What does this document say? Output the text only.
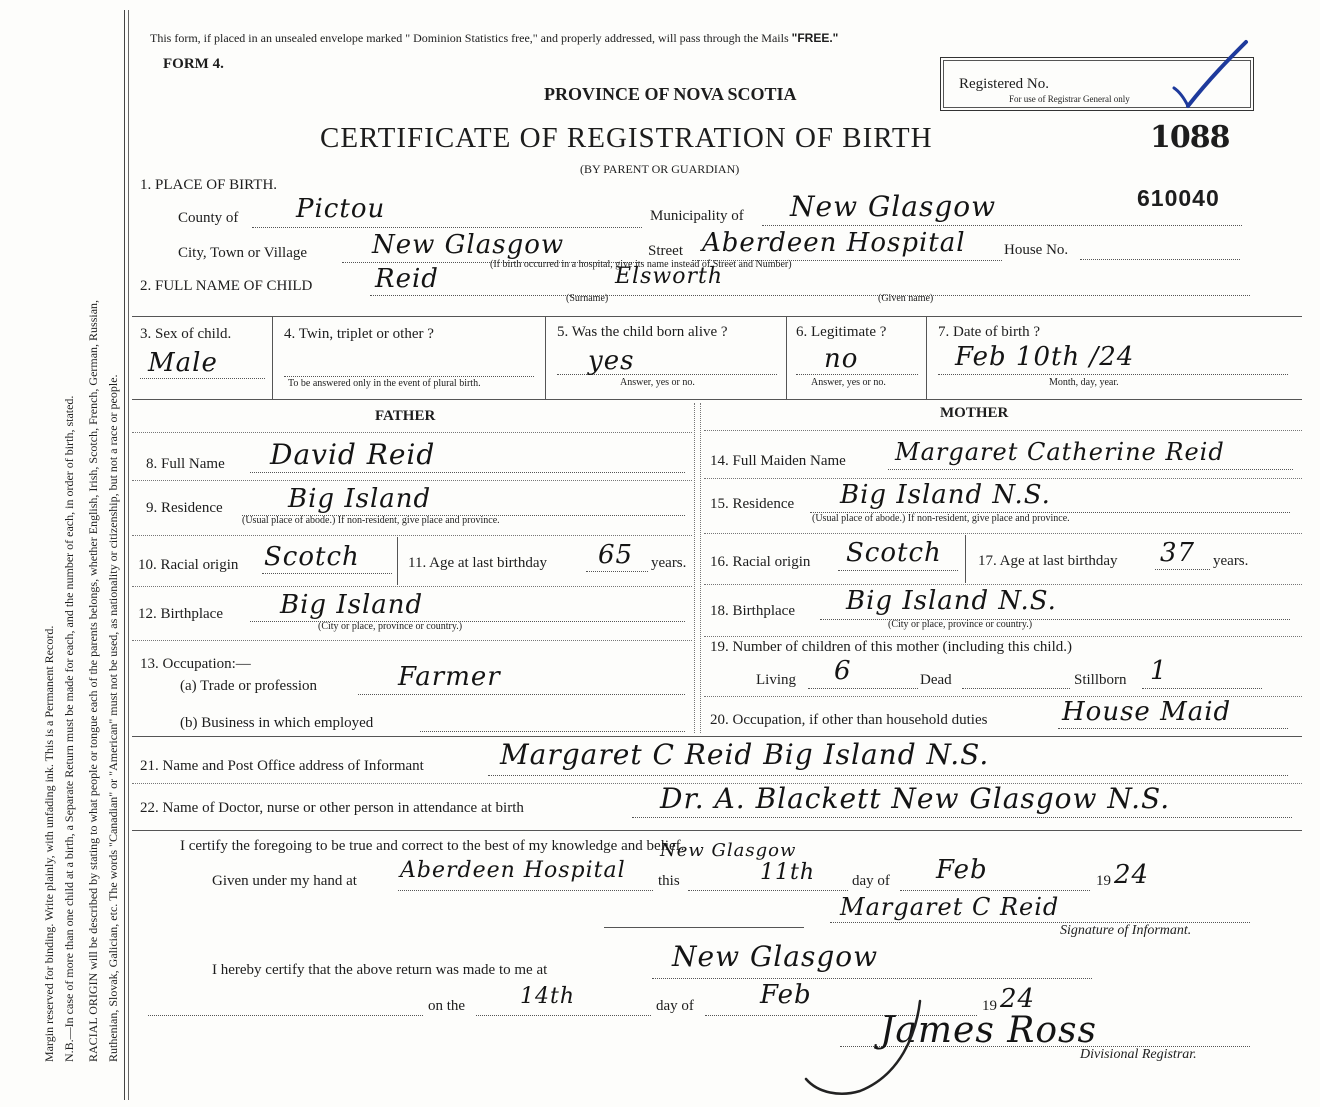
Margin reserved for binding. Write plainly, with unfading ink. This is a Permanent Record. N.B.—In case of more than one child at a birth, a Separate Return must be made for each, and the number of each, in order of birth, stated. RACIAL ORIGIN will be described by stating to what people or tongue each of the parents belongs, whether English, Irish, Scotch, French, German, Russian, Ruthenian, Slovak, Galician, etc. The words "Canadian" or "American" must not be used, as nationality or citizenship, but not a race or people.
This form, if placed in an unsealed envelope marked " Dominion Statistics free," and properly addressed, will pass through the Mails "FREE."
FORM 4.
PROVINCE OF NOVA SCOTIA
CERTIFICATE OF REGISTRATION OF BIRTH
(BY PARENT OR GUARDIAN)
Registered No.
For use of Registrar General only
1088
610040
1. PLACE OF BIRTH.
County of Pictou	Municipality of New Glasgow
City, Town or Village New Glasgow	Street Aberdeen Hospital	House No.
(If birth occurred in a hospital, give its name instead of Street and Number)
2. FULL NAME OF CHILD Reid	Elsworth
(Surname)	(Given name)
3. Sex of child.
Male
4. Twin, triplet or other ?
To be answered only in the event of plural birth.
5. Was the child born alive ?
yes
Answer, yes or no.
6. Legitimate ?
no
Answer, yes or no.
7. Date of birth ?
Feb 10th /24
Month, day, year.
FATHER	MOTHER
8. Full Name David Reid
9. Residence	Big Island
(Usual place of abode.) If non-resident, give place and province.
10. Racial origin Scotch	11. Age at last birthday 65 years.
12. Birthplace Big Island
(City or place, province or country.)
13. Occupation:—
(a) Trade or profession	Farmer
(b) Business in which employed
14. Full Maiden Name Margaret Catherine Reid
15. Residence Big Island N.S.
(Usual place of abode.) If non-resident, give place and province.
16. Racial origin Scotch 17. Age at last birthday 37 years.
18. Birthplace Big Island N.S.
(City or place, province or country.)
19. Number of children of this mother (including this child.)
Living 6	Dead	Stillborn 1
20. Occupation, if other than household duties	House Maid
21. Name and Post Office address of Informant	Margaret C Reid Big Island N.S.
22. Name of Doctor, nurse or other person in attendance at birth	Dr. A. Blackett New Glasgow N.S.
I certify the foregoing to be true and correct to the best of my knowledge and belief.
Given under my hand at Aberdeen Hospital
New Glasgow
this	11th day of Feb	19 24
Margaret C Reid
Signature of Informant.
I hereby certify that the above return was made to me at	New Glasgow
on the 14th	day of	Feb	19 24
James Ross
Divisional Registrar.
